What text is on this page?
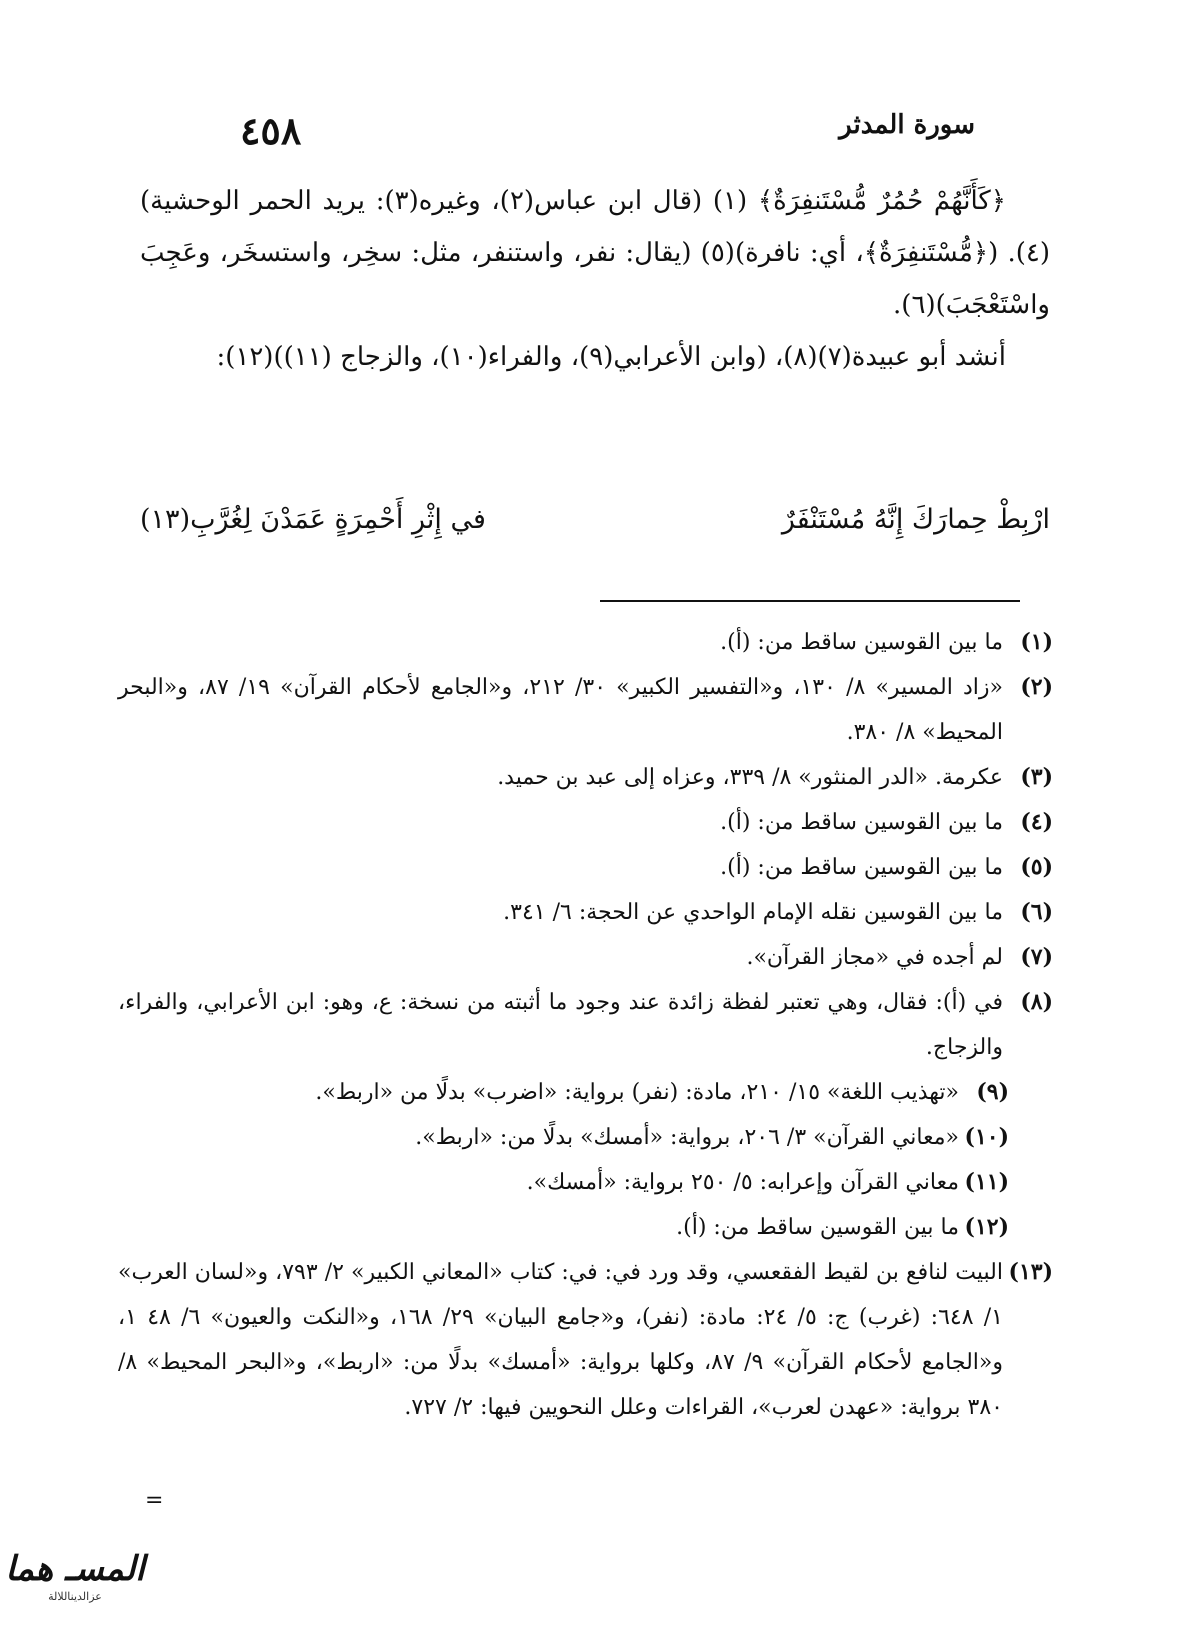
٤٥٨	سورة المدثر

﴿كَأَنَّهُمْ حُمُرٌ مُّسْتَنفِرَةٌ﴾ (١) (قال ابن عباس(٢)، وغيره(٣): يريد الحمر الوحشية)(٤). (﴿مُّسْتَنفِرَةٌ﴾، أي: نافرة)(٥) (يقال: نفر، واستنفر، مثل: سخِر، واستسخَر، وعَجِبَ واسْتَعْجَبَ)(٦).

أنشد أبو عبيدة(٧)(٨)، (وابن الأعرابي(٩)، والفراء(١٠)، والزجاج (١١))(١٢):

ارْبِطْ حِمارَكَ إِنَّهُ مُسْتَنْفَرٌ
في إِثْرِ أَحْمِرَةٍ عَمَدْنَ لِغُرَّبِ(١٣)
(١)
ما بين القوسين ساقط من: (أ).
(٢)
«زاد المسير» ٨/ ١٣٠، و«التفسير الكبير» ٣٠/ ٢١٢، و«الجامع لأحكام القرآن» ١٩/ ٨٧، و«البحر المحيط» ٨/ ٣٨٠.
(٣)
عكرمة. «الدر المنثور» ٨/ ٣٣٩، وعزاه إلى عبد بن حميد.
(٤)
ما بين القوسين ساقط من: (أ).
(٥)
ما بين القوسين ساقط من: (أ).
(٦)
ما بين القوسين نقله الإمام الواحدي عن الحجة: ٦/ ٣٤١.
(٧)
لم أجده في «مجاز القرآن».
(٨)
في (أ): فقال، وهي تعتبر لفظة زائدة عند وجود ما أثبته من نسخة: ع، وهو: ابن الأعرابي، والفراء، والزجاج.
(٩)
«تهذيب اللغة» ١٥/ ٢١٠، مادة: (نفر) برواية: «اضرب» بدلًا من «اربط».
(١٠)
«معاني القرآن» ٣/ ٢٠٦، برواية: «أمسك» بدلًا من: «اربط».
(١١)
معاني القرآن وإعرابه: ٥/ ٢٥٠ برواية: «أمسك».
(١٢)
ما بين القوسين ساقط من: (أ).
(١٣)
البيت لنافع بن لقيط الفقعسي، وقد ورد في: في: كتاب «المعاني الكبير» ٢/ ٧٩٣، و«لسان العرب» ١/ ٦٤٨: (غرب) ج: ٥/ ٢٤: مادة: (نفر)، و«جامع البيان» ٢٩/ ١٦٨، و«النكت والعيون» ٦/ ٤٨ ١، و«الجامع لأحكام القرآن» ٩/ ٨٧، وكلها برواية: «أمسك» بدلًا من: «اربط»، و«البحر المحيط» ٨/ ٣٨٠ برواية: «عهدن لعرب»، القراءات وعلل النحويين فيها: ٢/ ٧٢٧.
=
المسـ هما
عزالديناللالة
